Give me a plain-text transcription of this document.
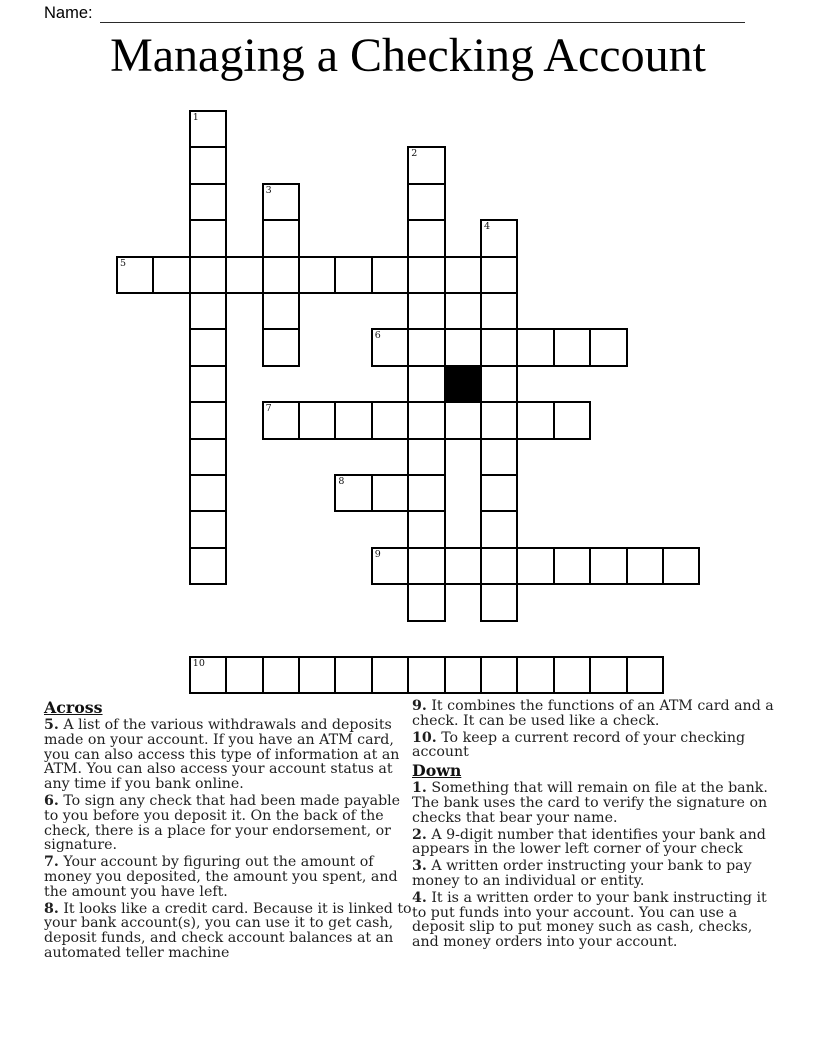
Name:
Managing a Checking Account
1
2
3
4
5
6
7
8
9
10
Across

5. A list of the various withdrawals and deposits made on your account. If you have an ATM card, you can also access this type of information at an ATM. You can also access your account status at any time if you bank online.

6. To sign any check that had been made payable to you before you deposit it. On the back of the check, there is a place for your endorsement, or signature.

7. Your account by figuring out the amount of money you deposited, the amount you spent, and the amount you have left.

8. It looks like a credit card. Because it is linked to your bank account(s), you can use it to get cash, deposit funds, and check account balances at an automated teller machine

9. It combines the functions of an ATM card and a check. It can be used like a check.

10. To keep a current record of your checking account

Down

1. Something that will remain on file at the bank. The bank uses the card to verify the signature on checks that bear your name.

2. A 9-digit number that identifies your bank and appears in the lower left corner of your check

3. A written order instructing your bank to pay money to an individual or entity.

4. It is a written order to your bank instructing it to put funds into your account. You can use a deposit slip to put money such as cash, checks, and money orders into your account.
